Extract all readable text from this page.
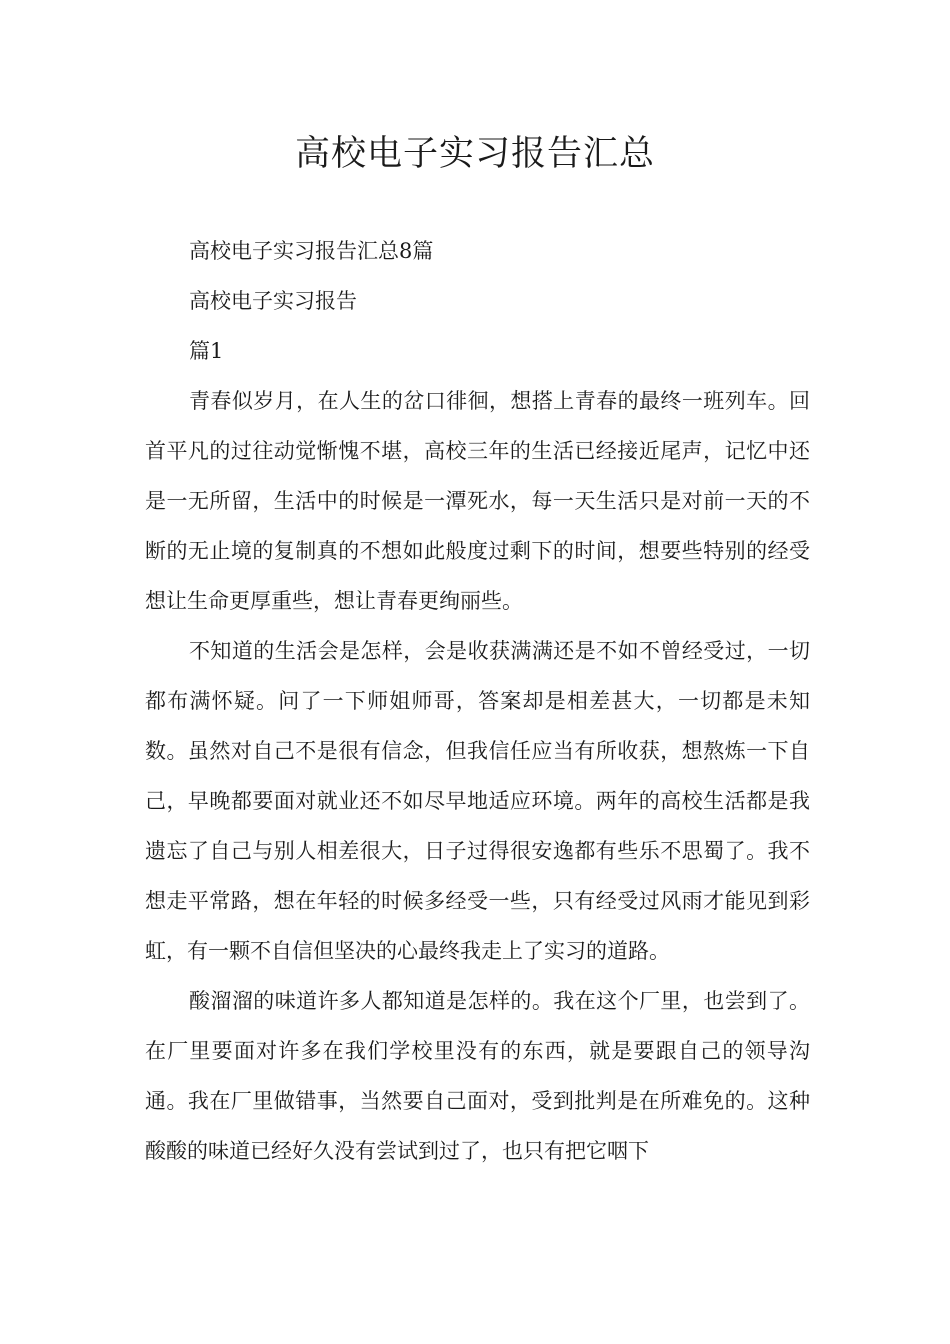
高校电子实习报告汇总

高校电子实习报告汇总8篇

高校电子实习报告

篇1

青春似岁月，在人生的岔口徘徊，想搭上青春的最终一班列车。回首平凡的过往动觉惭愧不堪，高校三年的生活已经接近尾声，记忆中还是一无所留，生活中的时候是一潭死水，每一天生活只是对前一天的不断的无止境的复制真的不想如此般度过剩下的时间，想要些特别的经受想让生命更厚重些，想让青春更绚丽些。

不知道的生活会是怎样，会是收获满满还是不如不曾经受过，一切都布满怀疑。问了一下师姐师哥，答案却是相差甚大，一切都是未知数。虽然对自己不是很有信念，但我信任应当有所收获，想熬炼一下自己，早晚都要面对就业还不如尽早地适应环境。两年的高校生活都是我遗忘了自己与别人相差很大，日子过得很安逸都有些乐不思蜀了。我不想走平常路，想在年轻的时候多经受一些，只有经受过风雨才能见到彩虹，有一颗不自信但坚决的心最终我走上了实习的道路。

酸溜溜的味道许多人都知道是怎样的。我在这个厂里，也尝到了。在厂里要面对许多在我们学校里没有的东西，就是要跟自己的领导沟通。我在厂里做错事，当然要自己面对，受到批判是在所难免的。这种酸酸的味道已经好久没有尝试到过了，也只有把它咽下
